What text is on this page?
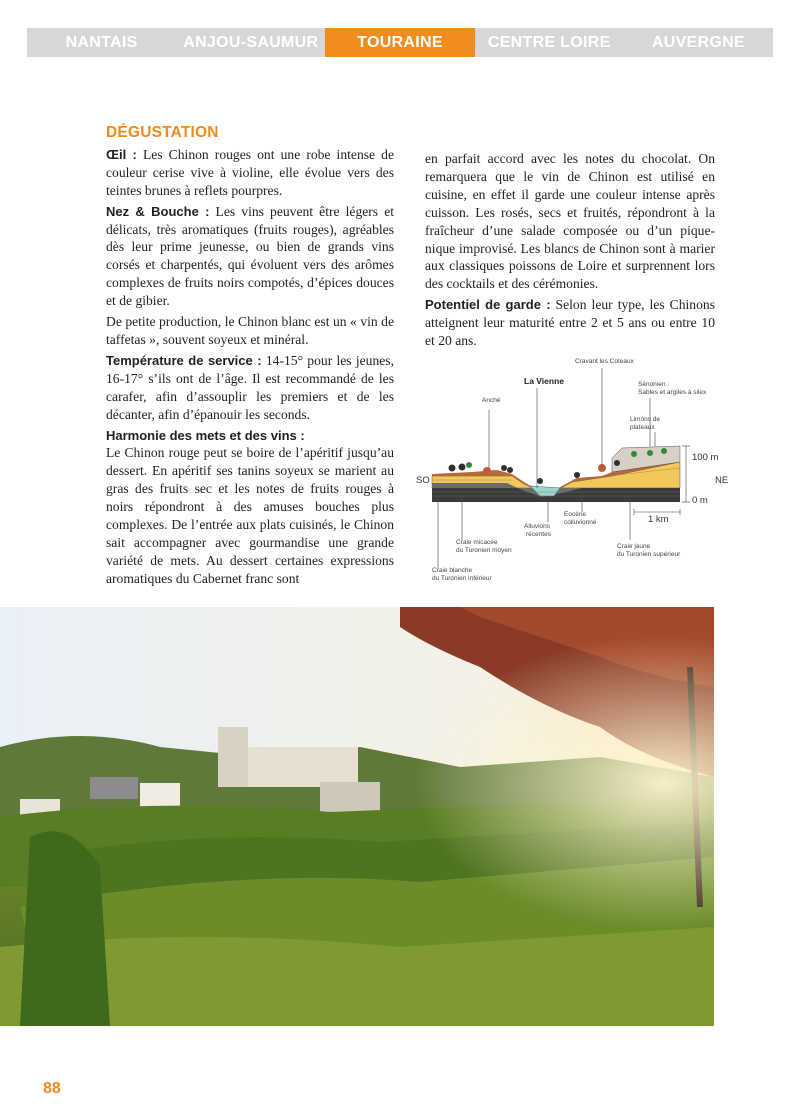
NANTAIS	ANJOU-SAUMUR	TOURAINE	CENTRE LOIRE	AUVERGNE
DÉGUSTATION

Œil : Les Chinon rouges ont une robe intense de couleur cerise vive à violine, elle évolue vers des teintes brunes à reflets pourpres.

Nez & Bouche : Les vins peuvent être légers et délicats, très aromatiques (fruits rouges), agréables dès leur prime jeunesse, ou bien de grands vins corsés et charpentés, qui évoluent vers des arômes complexes de fruits noirs compotés, d’épices douces et de gibier.

De petite production, le Chinon blanc est un « vin de taffetas », souvent soyeux et minéral.

Température de service : 14-15° pour les jeunes, 16-17° s’ils ont de l’âge. Il est recommandé de les carafer, afin d’assouplir les premiers et de les décanter, afin d’épanouir les seconds.

Harmonie des mets et des vins :

Le Chinon rouge peut se boire de l’apéritif jusqu’au dessert. En apéritif ses tanins soyeux se marient au gras des fruits sec et les notes de fruits rouges à noirs répondront à des amuses bouches plus complexes. De l’entrée aux plats cuisinés, le Chinon sait accompagner avec gourmandise une grande variété de mets. Au dessert certaines expressions aromatiques du Cabernet franc sont

en parfait accord avec les notes du chocolat. On remarquera que le vin de Chinon est utilisé en cuisine, en effet il garde une couleur intense après cuisson. Les rosés, secs et fruités, répondront à la fraîcheur d’une salade composée ou d’un pique-nique improvisé. Les blancs de Chinon sont à marier aux classiques poissons de Loire et surprennent lors des cocktails et des cérémonies.

Potentiel de garde : Selon leur type, les Chinons atteignent leur maturité entre 2 et 5 ans ou entre 10 et 20 ans.

Cravant les Coteaux
La Vienne
Anché
Sénonien :
Sables et argiles à silex
Limons de
plateaux
SO	NE
100 m
0 m
1 km
Alluvions
récentes
Eocène
colluvionné
Craie micacée
du Turonien moyen
Craie jaune
du Turonien supérieur
Craie blanche
du Turonien inférieur
88
